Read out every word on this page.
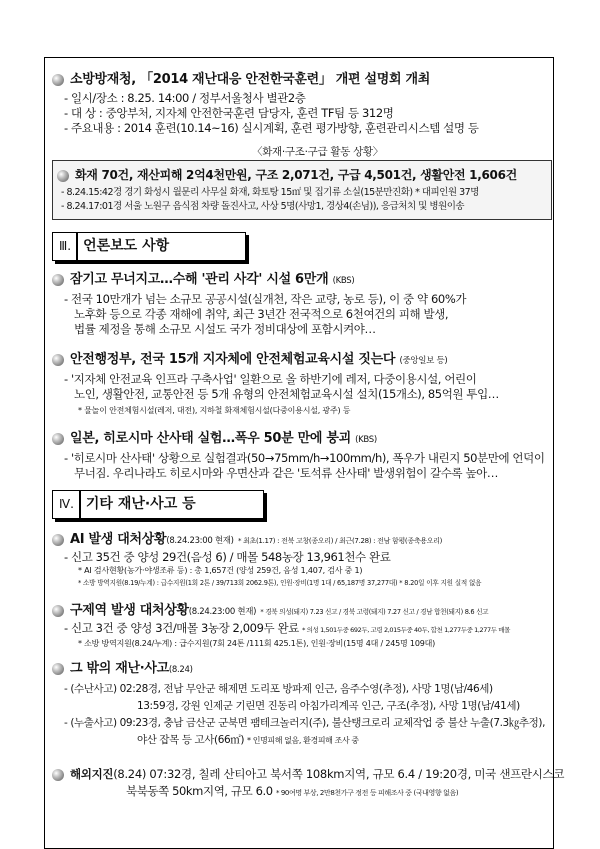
소방방재청, 「2014 재난대응 안전한국훈련」 개편 설명회 개최
- 일시/장소 : 8.25. 14:00 / 정부서울청사 별관2층
- 대 상 : 중앙부처, 지자체 안전한국훈련 담당자, 훈련 TF팀 등 312명
- 주요내용 : 2014 훈련(10.14~16) 실시계획, 훈련 평가방향, 훈련관리시스템 설명 등
〈화재·구조·구급 활동 상황〉
화재 70건, 재산피해 2억4천만원, 구조 2,071건, 구급 4,501건, 생활안전 1,606건
- 8.24.15:42경 경기 화성시 월문리 사무실 화재, 화토탕 15㎡ 및 집기류 소실(15분만진화) * 대피인원 37명
- 8.24.17:01경 서울 노원구 음식점 차량 돌진사고, 사상 5명(사망1, 경상4(손님)), 응급처치 및 병원이송
Ⅲ. 언론보도 사항
잠기고 무너지고…수해 '관리 사각' 시설 6만개 (KBS)
- 전국 10만개가 넘는 소규모 공공시설(실개천, 작은 교량, 농로 등), 이 중 약 60%가
노후화 등으로 각종 재해에 취약, 최근 3년간 전국적으로 6천여건의 피해 발생,
법률 제정을 통해 소규모 시설도 국가 정비대상에 포함시켜야…
안전행정부, 전국 15개 지자체에 안전체험교육시설 짓는다 (중앙일보 등)
- '지자체 안전교육 인프라 구축사업' 일환으로 올 하반기에 레저, 다중이용시설, 어린이
노인, 생활안전, 교통안전 등 5개 유형의 안전체험교육시설 설치(15개소), 85억원 투입…
* 물놀이 안전체험시설(레저, 대전), 지하철 화재체험시설(다중이용시설, 광주) 등
일본, 히로시마 산사태 실험…폭우 50분 만에 붕괴 (KBS)
- '히로시마 산사태' 상황으로 실험결과(50→75mm/h→100mm/h), 폭우가 내린지 50분만에 언덕이
무너짐. 우리나라도 히로시마와 우면산과 같은 '토석류 산사태' 발생위험이 갈수록 높아…
Ⅳ. 기타 재난·사고 등
AI 발생 대처상황(8.24.23:00 현재) * 최초(1.17) : 전북 고창(종오리) / 최근(7.28) : 전남 함평(종축용오리)
- 신고 35건 중 양성 29건(음성 6) / 매몰 548농장 13,961천수 완료
* AI 검사현황(농가·야생조류 등) : 총 1,657건 (양성 259건, 음성 1,407, 검사 중 1)
* 소방 방역지원(8.19/누계) : 급수지원(1회 2톤 / 39/713회 2062.9톤), 인원·장비(1명 1대 / 65,187명 37,277대) * 8.20일 이후 지원 실적 없음
구제역 발생 대처상황(8.24.23:00 현재) * 경북 의성(돼지) 7.23 신고 / 경북 고령(돼지) 7.27 신고 / 경남 합천(돼지) 8.6 신고
- 신고 3건 중 양성 3건/매몰 3농장 2,009두 완료 * 의성 1,501두중 692두, 고령 2,015두중 40두, 합천 1,277두중 1,277두 매몰
* 소방 방역지원(8.24/누계) : 급수지원(7회 24톤 /111회 425.1톤), 인원·장비(15명 4대 / 245명 109대)
그 밖의 재난·사고(8.24)
- (수난사고) 02:28경, 전남 무안군 해제면 도리포 방파제 인근, 음주수영(추정), 사망 1명(남/46세)
13:59경, 강원 인제군 기린면 진동리 아침가리계곡 인근, 구조(추정), 사망 1명(남/41세)
- (누출사고) 09:23경, 충남 금산군 군북면 팸테크놀러지(주), 불산탱크로리 교체작업 중 불산 누출(7.3㎏추정),
야산 잡목 등 고사(66㎡) * 인명피해 없음, 환경피해 조사 중
해외지진(8.24) 07:32경, 칠레 산티아고 북서쪽 108km지역, 규모 6.4 / 19:20경, 미국 샌프란시스코
북북동쪽 50km지역, 규모 6.0 * 90여명 부상, 2만8천가구 정전 등 피해조사 중 (국내영향 없음)
